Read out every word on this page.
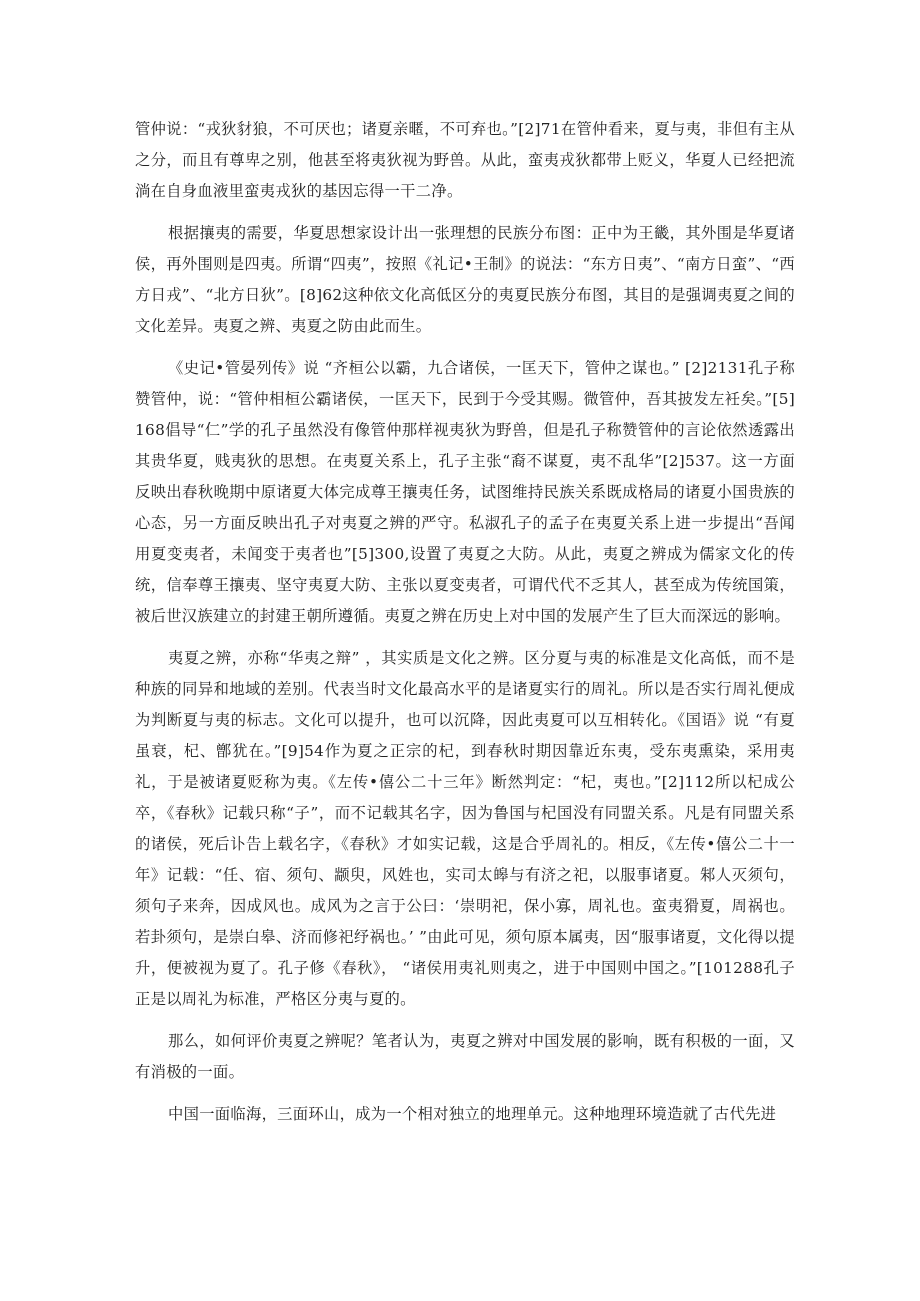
管仲说：“戎狄豺狼，不可厌也；诸夏亲暱，不可弃也。”[2]71在管仲看来，夏与夷，非但有主从之分，而且有尊卑之别，他甚至将夷狄视为野兽。从此，蛮夷戎狄都带上贬义，华夏人已经把流淌在自身血液里蛮夷戎狄的基因忘得一干二净。

根据攘夷的需要，华夏思想家设计出一张理想的民族分布图：正中为王畿，其外围是华夏诸侯，再外围则是四夷。所谓“四夷”，按照《礼记•王制》的说法：“东方日夷”、“南方日蛮”、“西方日戎”、“北方日狄”。[8]62这种依文化高低区分的夷夏民族分布图，其目的是强调夷夏之间的文化差异。夷夏之辨、夷夏之防由此而生。

《史记•管晏列传》说 “齐桓公以霸，九合诸侯，一匡天下，管仲之谋也。” [2]2131孔子称赞管仲，说：“管仲相桓公霸诸侯，一匡天下，民到于今受其赐。微管仲，吾其披发左衽矣。”[5]168倡导“仁”学的孔子虽然没有像管仲那样视夷狄为野兽，但是孔子称赞管仲的言论依然透露出其贵华夏，贱夷狄的思想。在夷夏关系上，孔子主张“裔不谋夏，夷不乱华”[2]537。这一方面反映出春秋晚期中原诸夏大体完成尊王攘夷任务，试图维持民族关系既成格局的诸夏小国贵族的心态，另一方面反映出孔子对夷夏之辨的严守。私淑孔子的孟子在夷夏关系上进一步提出“吾闻用夏变夷者，未闻变于夷者也”[5]300,设置了夷夏之大防。从此，夷夏之辨成为儒家文化的传统，信奉尊王攘夷、坚守夷夏大防、主张以夏变夷者，可谓代代不乏其人，甚至成为传统国策，被后世汉族建立的封建王朝所遵循。夷夏之辨在历史上对中国的发展产生了巨大而深远的影响。

夷夏之辨，亦称“华夷之辩” ，其实质是文化之辨。区分夏与夷的标准是文化高低，而不是种族的同异和地域的差别。代表当时文化最高水平的是诸夏实行的周礼。所以是否实行周礼便成为判断夏与夷的标志。文化可以提升，也可以沉降，因此夷夏可以互相转化。《国语》说 “有夏虽衰，杞、鄫犹在。”[9]54作为夏之正宗的杞，到春秋时期因靠近东夷，受东夷熏染，采用夷礼，于是被诸夏贬称为夷。《左传•僖公二十三年》断然判定：“杞，夷也。”[2]112所以杞成公卒，《春秋》记载只称“子”，而不记载其名字，因为鲁国与杞国没有同盟关系。凡是有同盟关系的诸侯，死后讣告上载名字，《春秋》才如实记载，这是合乎周礼的。相反，《左传•僖公二十一年》记载：“任、宿、须句、颛臾，风姓也，实司太皞与有济之祀，以服事诸夏。邾人灭须句，须句子来奔，因成风也。成风为之言于公曰：‘崇明祀，保小寡，周礼也。蛮夷猾夏，周祸也。若卦须句，是崇白皋、济而修祀纾祸也。’ ”由此可见，须句原本属夷，因“服事诸夏，文化得以提升，便被视为夏了。孔子修《春秋》， “诸侯用夷礼则夷之，进于中国则中国之。”[101288孔子正是以周礼为标准，严格区分夷与夏的。

那么，如何评价夷夏之辨呢？笔者认为，夷夏之辨对中国发展的影响，既有积极的一面，又有消极的一面。

中国一面临海，三面环山，成为一个相对独立的地理单元。这种地理环境造就了古代先进
